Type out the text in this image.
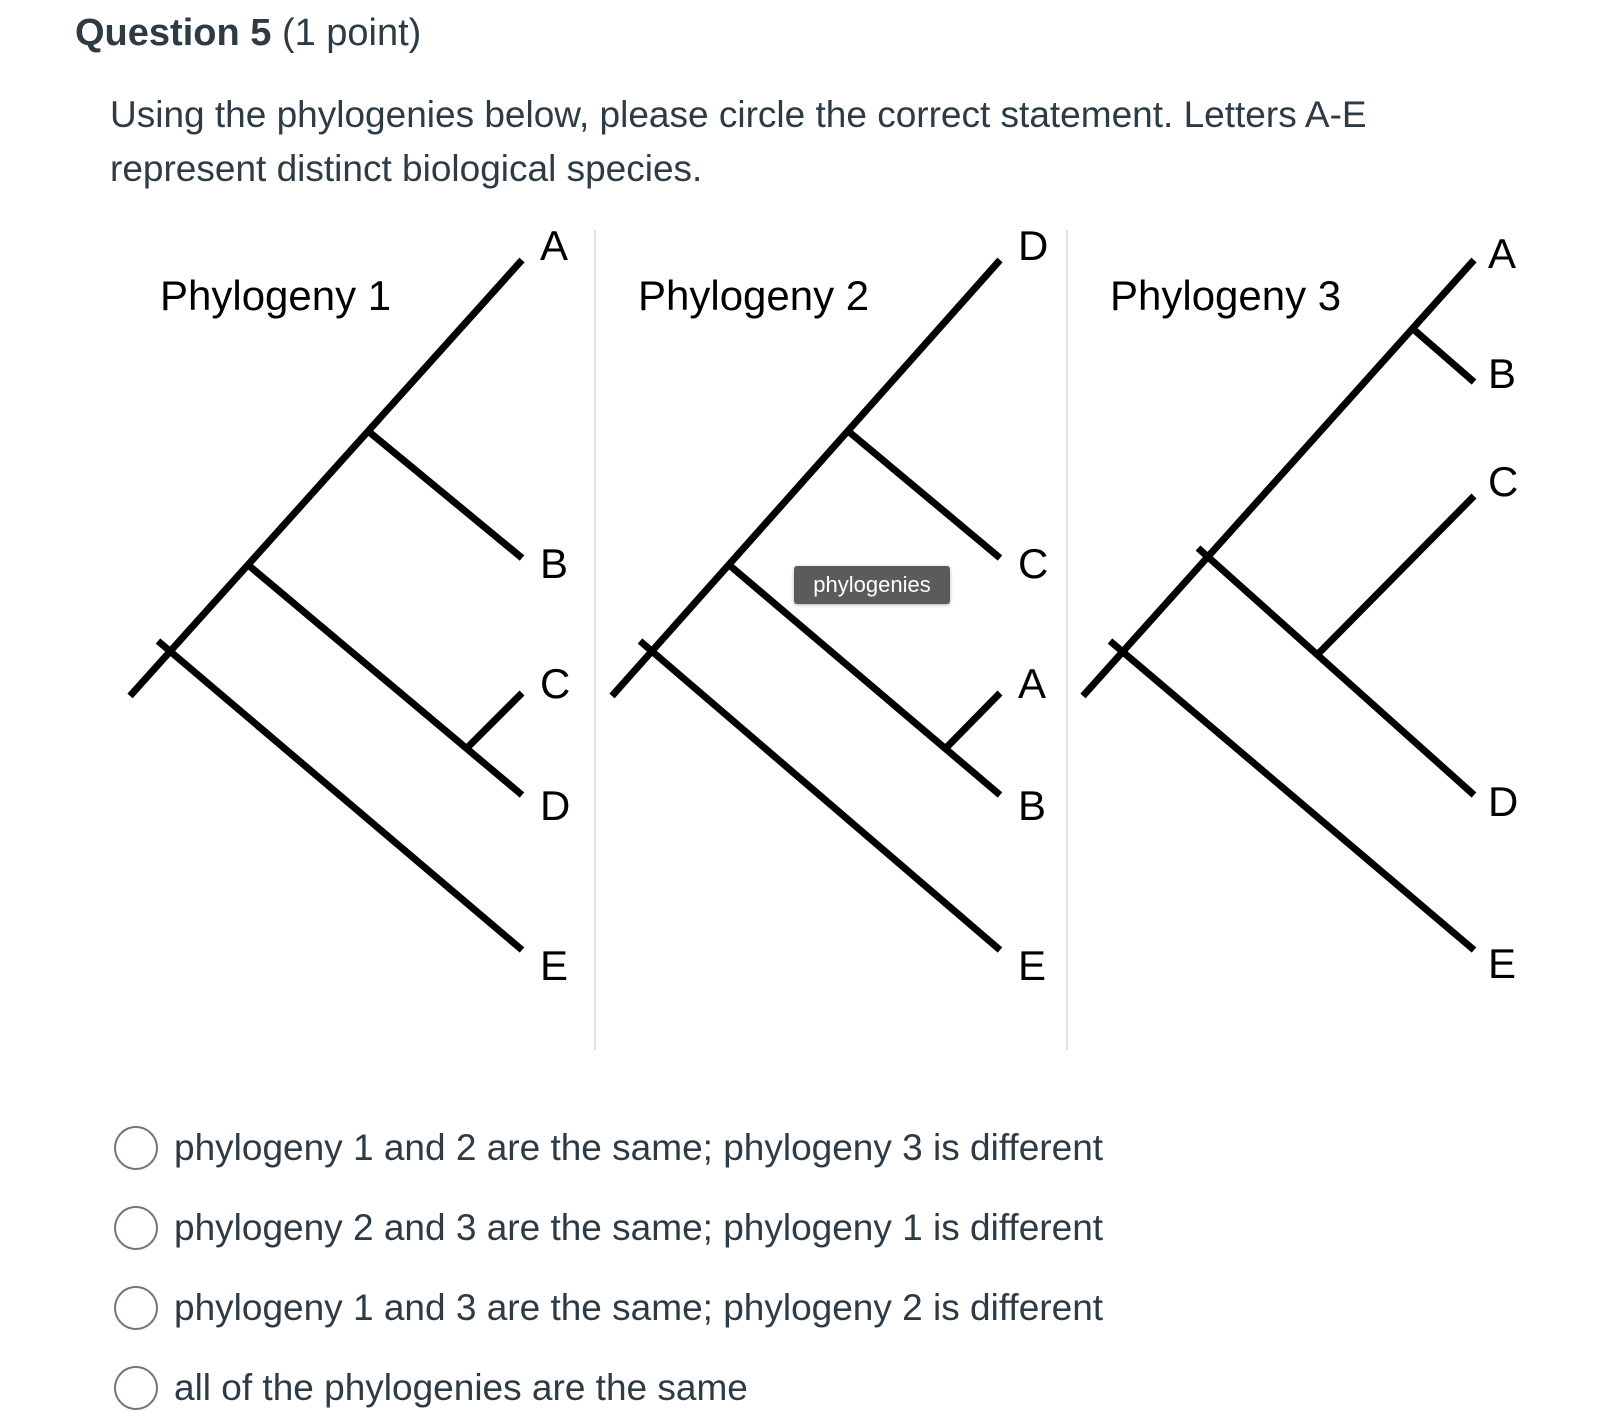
Question 5 (1 point)
Using the phylogenies below, please circle the correct statement. Letters A-E represent distinct biological species.
Phylogeny 1
A
B
C
D
E
Phylogeny 2
D
C
A
B
E
Phylogeny 3
A
B
C
D
E
phylogenies
phylogeny 1 and 2 are the same; phylogeny 3 is different
phylogeny 2 and 3 are the same; phylogeny 1 is different
phylogeny 1 and 3 are the same; phylogeny 2 is different
all of the phylogenies are the same
